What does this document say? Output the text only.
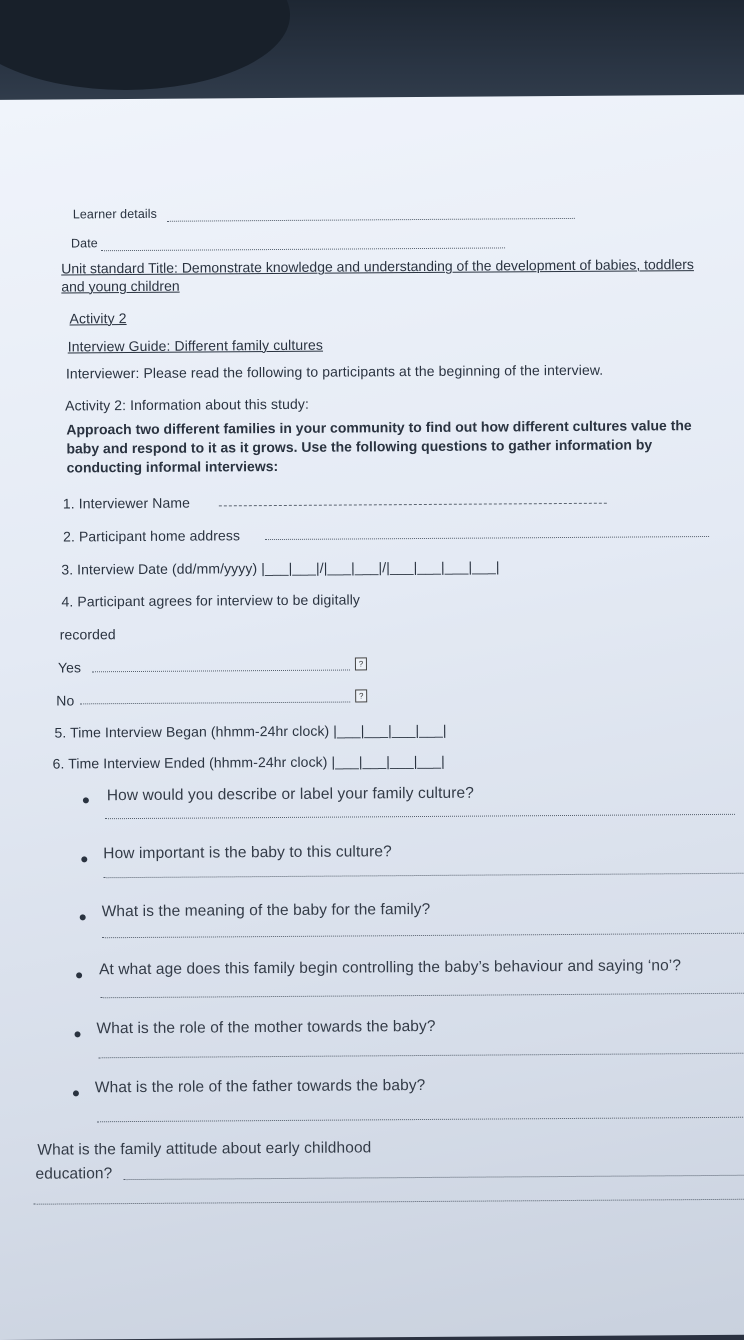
Learner details
Date
Unit standard Title: Demonstrate knowledge and understanding of the development of babies, toddlers and young children
Activity 2
Interview Guide: Different family cultures
Interviewer: Please read the following to participants at the beginning of the interview.
Activity 2: Information about this study:
Approach two different families in your community to find out how different cultures value the baby and respond to it as it grows. Use the following questions to gather information by conducting informal interviews:
1. Interviewer Name
2. Participant home address
3. Interview Date (dd/mm/yyyy) |___|___|/|___|___|/|___|___|___|___|
4. Participant agrees for interview to be digitally
recorded
Yes	?
No	?
5. Time Interview Began (hhmm-24hr clock) |___|___|___|___|
6. Time Interview Ended (hhmm-24hr clock) |___|___|___|___|
How would you describe or label your family culture?
How important is the baby to this culture?
What is the meaning of the baby for the family?
At what age does this family begin controlling the baby’s behaviour and saying ‘no’?
What is the role of the mother towards the baby?
What is the role of the father towards the baby?
What is the family attitude about early childhood
education?
